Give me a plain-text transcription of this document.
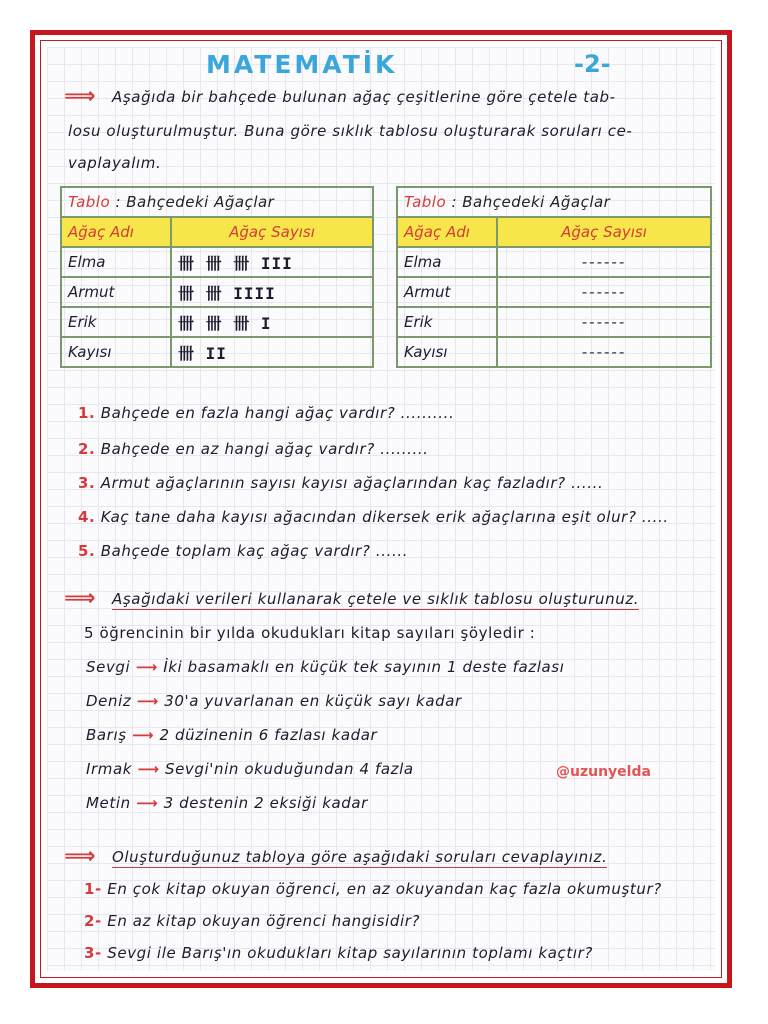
MATEMATİK	-2-
⟹ Aşağıda bir bahçede bulunan ağaç çeşitlerine göre çetele tab-
losu oluşturulmuştur. Buna göre sıklık tablosu oluşturarak soruları ce-
vaplayalım.
Tablo : Bahçedeki Ağaçlar	
Ağaç Adı	Ağaç Sayısı
Elma	卌 卌 卌 III
Armut	卌 卌 IIII
Erik	卌 卌 卌 I
Kayısı	卌 II
Tablo : Bahçedeki Ağaçlar	
Ağaç Adı	Ağaç Sayısı
Elma	------
Armut	------
Erik	------
Kayısı	------
1. Bahçede en fazla hangi ağaç vardır? ..........
2. Bahçede en az hangi ağaç vardır? .........
3. Armut ağaçlarının sayısı kayısı ağaçlarından kaç fazladır? ......
4. Kaç tane daha kayısı ağacından dikersek erik ağaçlarına eşit olur? .....
5. Bahçede toplam kaç ağaç vardır? ......
⟹ Aşağıdaki verileri kullanarak çetele ve sıklık tablosu oluşturunuz.
5 öğrencinin bir yılda okudukları kitap sayıları şöyledir :
Sevgi ⟶ İki basamaklı en küçük tek sayının 1 deste fazlası
Deniz ⟶ 30'a yuvarlanan en küçük sayı kadar
Barış ⟶ 2 düzinenin 6 fazlası kadar
Irmak ⟶ Sevgi'nin okuduğundan 4 fazla
Metin ⟶ 3 destenin 2 eksiği kadar
@uzunyelda
⟹ Oluşturduğunuz tabloya göre aşağıdaki soruları cevaplayınız.
1- En çok kitap okuyan öğrenci, en az okuyandan kaç fazla okumuştur?
2- En az kitap okuyan öğrenci hangisidir?
3- Sevgi ile Barış'ın okudukları kitap sayılarının toplamı kaçtır?
